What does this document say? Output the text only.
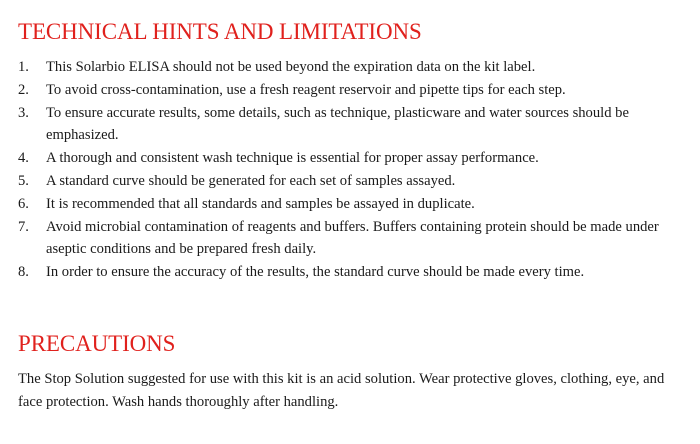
TECHNICAL HINTS AND LIMITATIONS
1.	This Solarbio ELISA should not be used beyond the expiration data on the kit label.
2.	To avoid cross-contamination, use a fresh reagent reservoir and pipette tips for each step.
3.	To ensure accurate results, some details, such as technique, plasticware and water sources should be emphasized.
4.	A thorough and consistent wash technique is essential for proper assay performance.
5.	A standard curve should be generated for each set of samples assayed.
6.	It is recommended that all standards and samples be assayed in duplicate.
7.	Avoid microbial contamination of reagents and buffers. Buffers containing protein should be made under aseptic conditions and be prepared fresh daily.
8.	In order to ensure the accuracy of the results, the standard curve should be made every time.
PRECAUTIONS

The Stop Solution suggested for use with this kit is an acid solution. Wear protective gloves, clothing, eye, and face protection. Wash hands thoroughly after handling.
